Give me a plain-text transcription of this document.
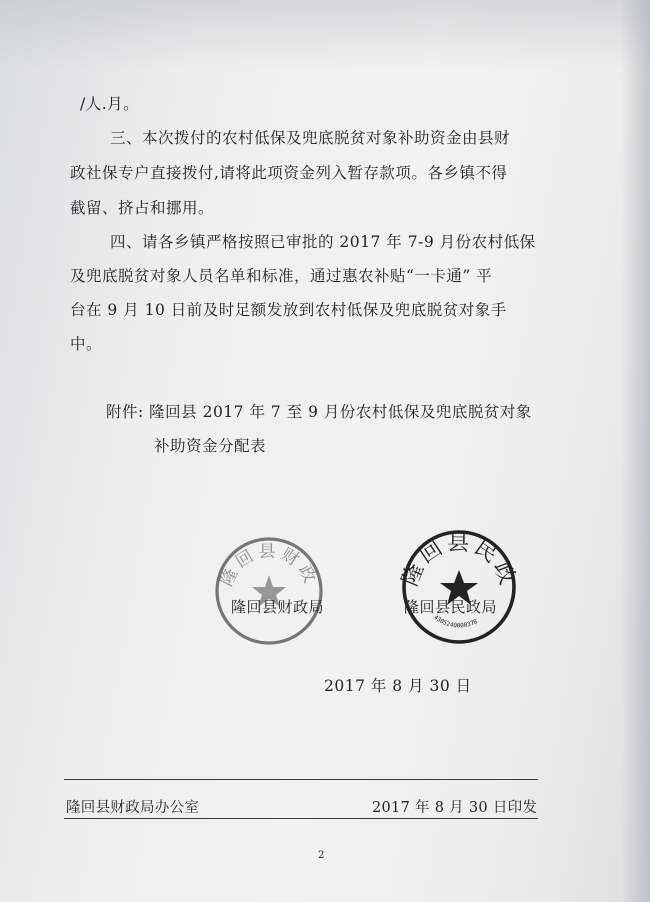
/人.月。
三、本次拨付的农村低保及兜底脱贫对象补助资金由县财
政社保专户直接拨付,请将此项资金列入暂存款项。各乡镇不得
截留、挤占和挪用。
四、请各乡镇严格按照已审批的 2017 年 7-9 月份农村低保
及兜底脱贫对象人员名单和标准，通过惠农补贴“一卡通” 平
台在 9 月 10 日前及时足额发放到农村低保及兜底脱贫对象手
中。
附件: 隆回县 2017 年 7 至 9 月份农村低保及兜底脱贫对象
补助资金分配表
隆回县财政
隆回县财政局
隆回县民政
4305240000378
隆回县民政局
2017 年 8 月 30 日
隆回县财政局办公室	2017 年 8 月 30 日印发
2
